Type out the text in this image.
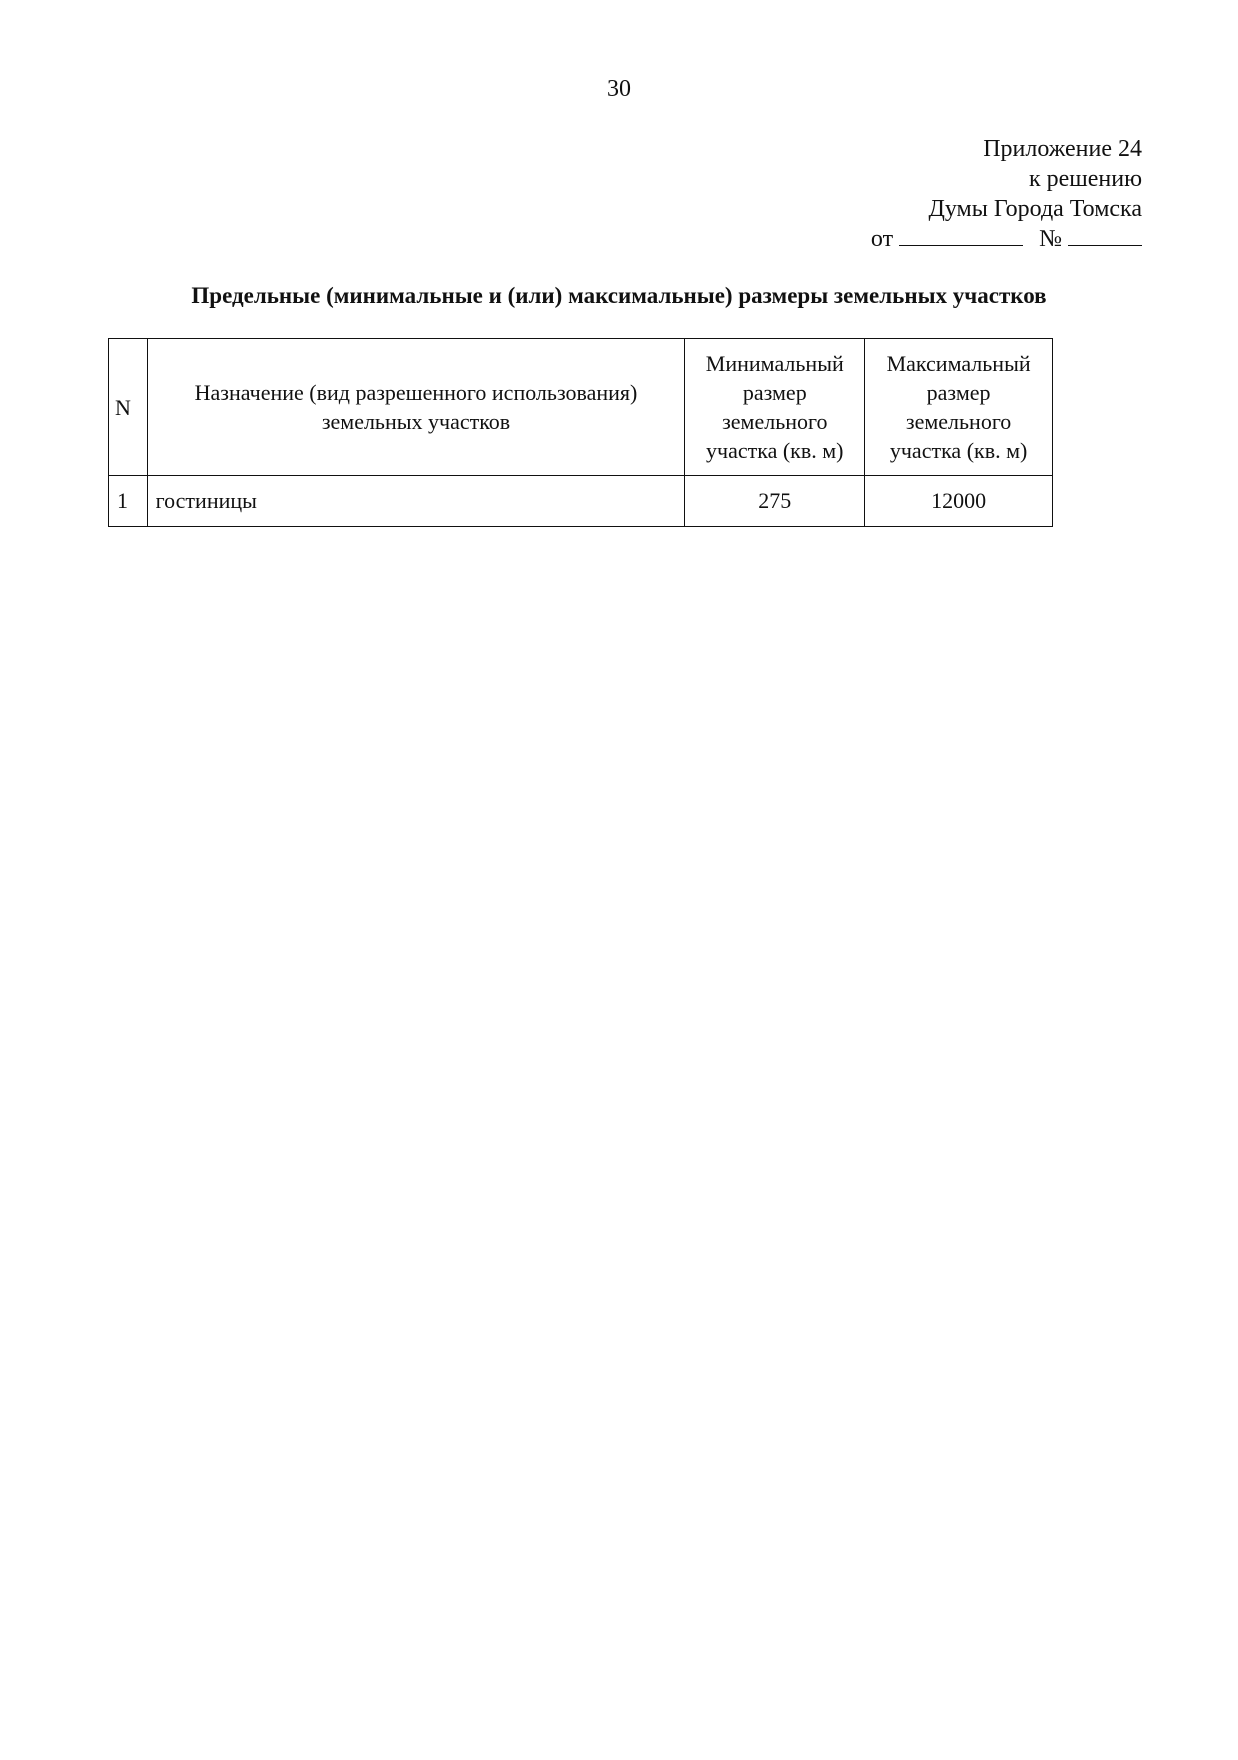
30
Приложение 24
к решению
Думы Города Томска
от	№
Предельные (минимальные и (или) максимальные) размеры земельных участков
N	Назначение (вид разрешенного использования) земельных участков	Минимальный размер земельного участка (кв. м)	Максимальный размер земельного участка (кв. м)
1	гостиницы	275	12000
